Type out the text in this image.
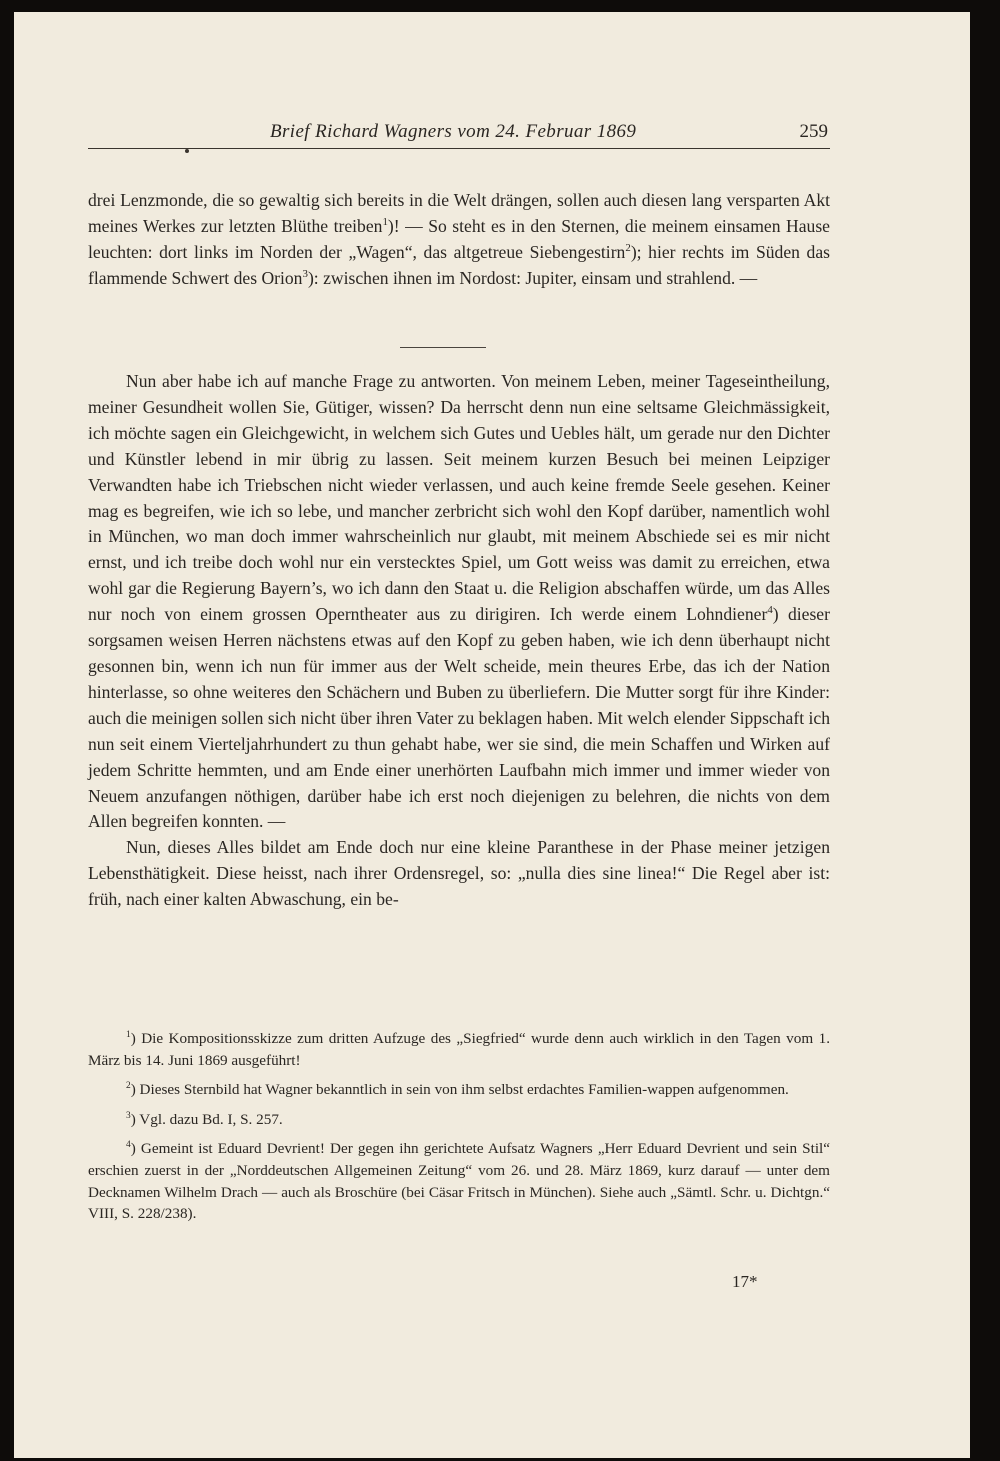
Brief Richard Wagners vom 24. Februar 1869	259

drei Lenzmonde, die so gewaltig sich bereits in die Welt drängen, sollen auch diesen lang versparten Akt meines Werkes zur letzten Blüthe treiben$^1$)! — So steht es in den Sternen, die meinem einsamen Hause leuchten: dort links im Norden der „Wagen“, das altgetreue Siebengestirn$^2$); hier rechts im Süden das flammende Schwert des Orion$^3$): zwischen ihnen im Nordost: Jupiter, einsam und strahlend. —

Nun aber habe ich auf manche Frage zu antworten. Von meinem Leben, meiner Tageseintheilung, meiner Gesundheit wollen Sie, Gütiger, wissen? Da herrscht denn nun eine seltsame Gleichmässigkeit, ich möchte sagen ein Gleichgewicht, in welchem sich Gutes und Uebles hält, um gerade nur den Dichter und Künstler lebend in mir übrig zu lassen. Seit meinem kurzen Besuch bei meinen Leipziger Verwandten habe ich Triebschen nicht wieder verlassen, und auch keine fremde Seele gesehen. Keiner mag es begreifen, wie ich so lebe, und mancher zerbricht sich wohl den Kopf darüber, namentlich wohl in München, wo man doch immer wahrscheinlich nur glaubt, mit meinem Abschiede sei es mir nicht ernst, und ich treibe doch wohl nur ein verstecktes Spiel, um Gott weiss was damit zu erreichen, etwa wohl gar die Regierung Bayern’s, wo ich dann den Staat u. die Religion abschaffen würde, um das Alles nur noch von einem grossen Operntheater aus zu dirigiren. Ich werde einem Lohndiener$^4$) dieser sorgsamen weisen Herren nächstens etwas auf den Kopf zu geben haben, wie ich denn überhaupt nicht gesonnen bin, wenn ich nun für immer aus der Welt scheide, mein theures Erbe, das ich der Nation hinterlasse, so ohne weiteres den Schächern und Buben zu überliefern. Die Mutter sorgt für ihre Kinder: auch die meinigen sollen sich nicht über ihren Vater zu beklagen haben. Mit welch elender Sippschaft ich nun seit einem Vierteljahrhundert zu thun gehabt habe, wer sie sind, die mein Schaffen und Wirken auf jedem Schritte hemmten, und am Ende einer unerhörten Laufbahn mich immer und immer wieder von Neuem anzufangen nöthigen, darüber habe ich erst noch diejenigen zu belehren, die nichts von dem Allen begreifen konnten. —

Nun, dieses Alles bildet am Ende doch nur eine kleine Paranthese in der Phase meiner jetzigen Lebensthätigkeit. Diese heisst, nach ihrer Ordensregel, so: „nulla dies sine linea!“ Die Regel aber ist: früh, nach einer kalten Abwaschung, ein be-

$^1$) Die Kompositionsskizze zum dritten Aufzuge des „Siegfried“ wurde denn auch wirklich in den Tagen vom 1. März bis 14. Juni 1869 ausgeführt!

$^2$) Dieses Sternbild hat Wagner bekanntlich in sein von ihm selbst erdachtes Familien-wappen aufgenommen.

$^3$) Vgl. dazu Bd. I, S. 257.

$^4$) Gemeint ist Eduard Devrient! Der gegen ihn gerichtete Aufsatz Wagners „Herr Eduard Devrient und sein Stil“ erschien zuerst in der „Norddeutschen Allgemeinen Zeitung“ vom 26. und 28. März 1869, kurz darauf — unter dem Decknamen Wilhelm Drach — auch als Broschüre (bei Cäsar Fritsch in München). Siehe auch „Sämtl. Schr. u. Dichtgn.“ VIII, S. 228/238).

17*
